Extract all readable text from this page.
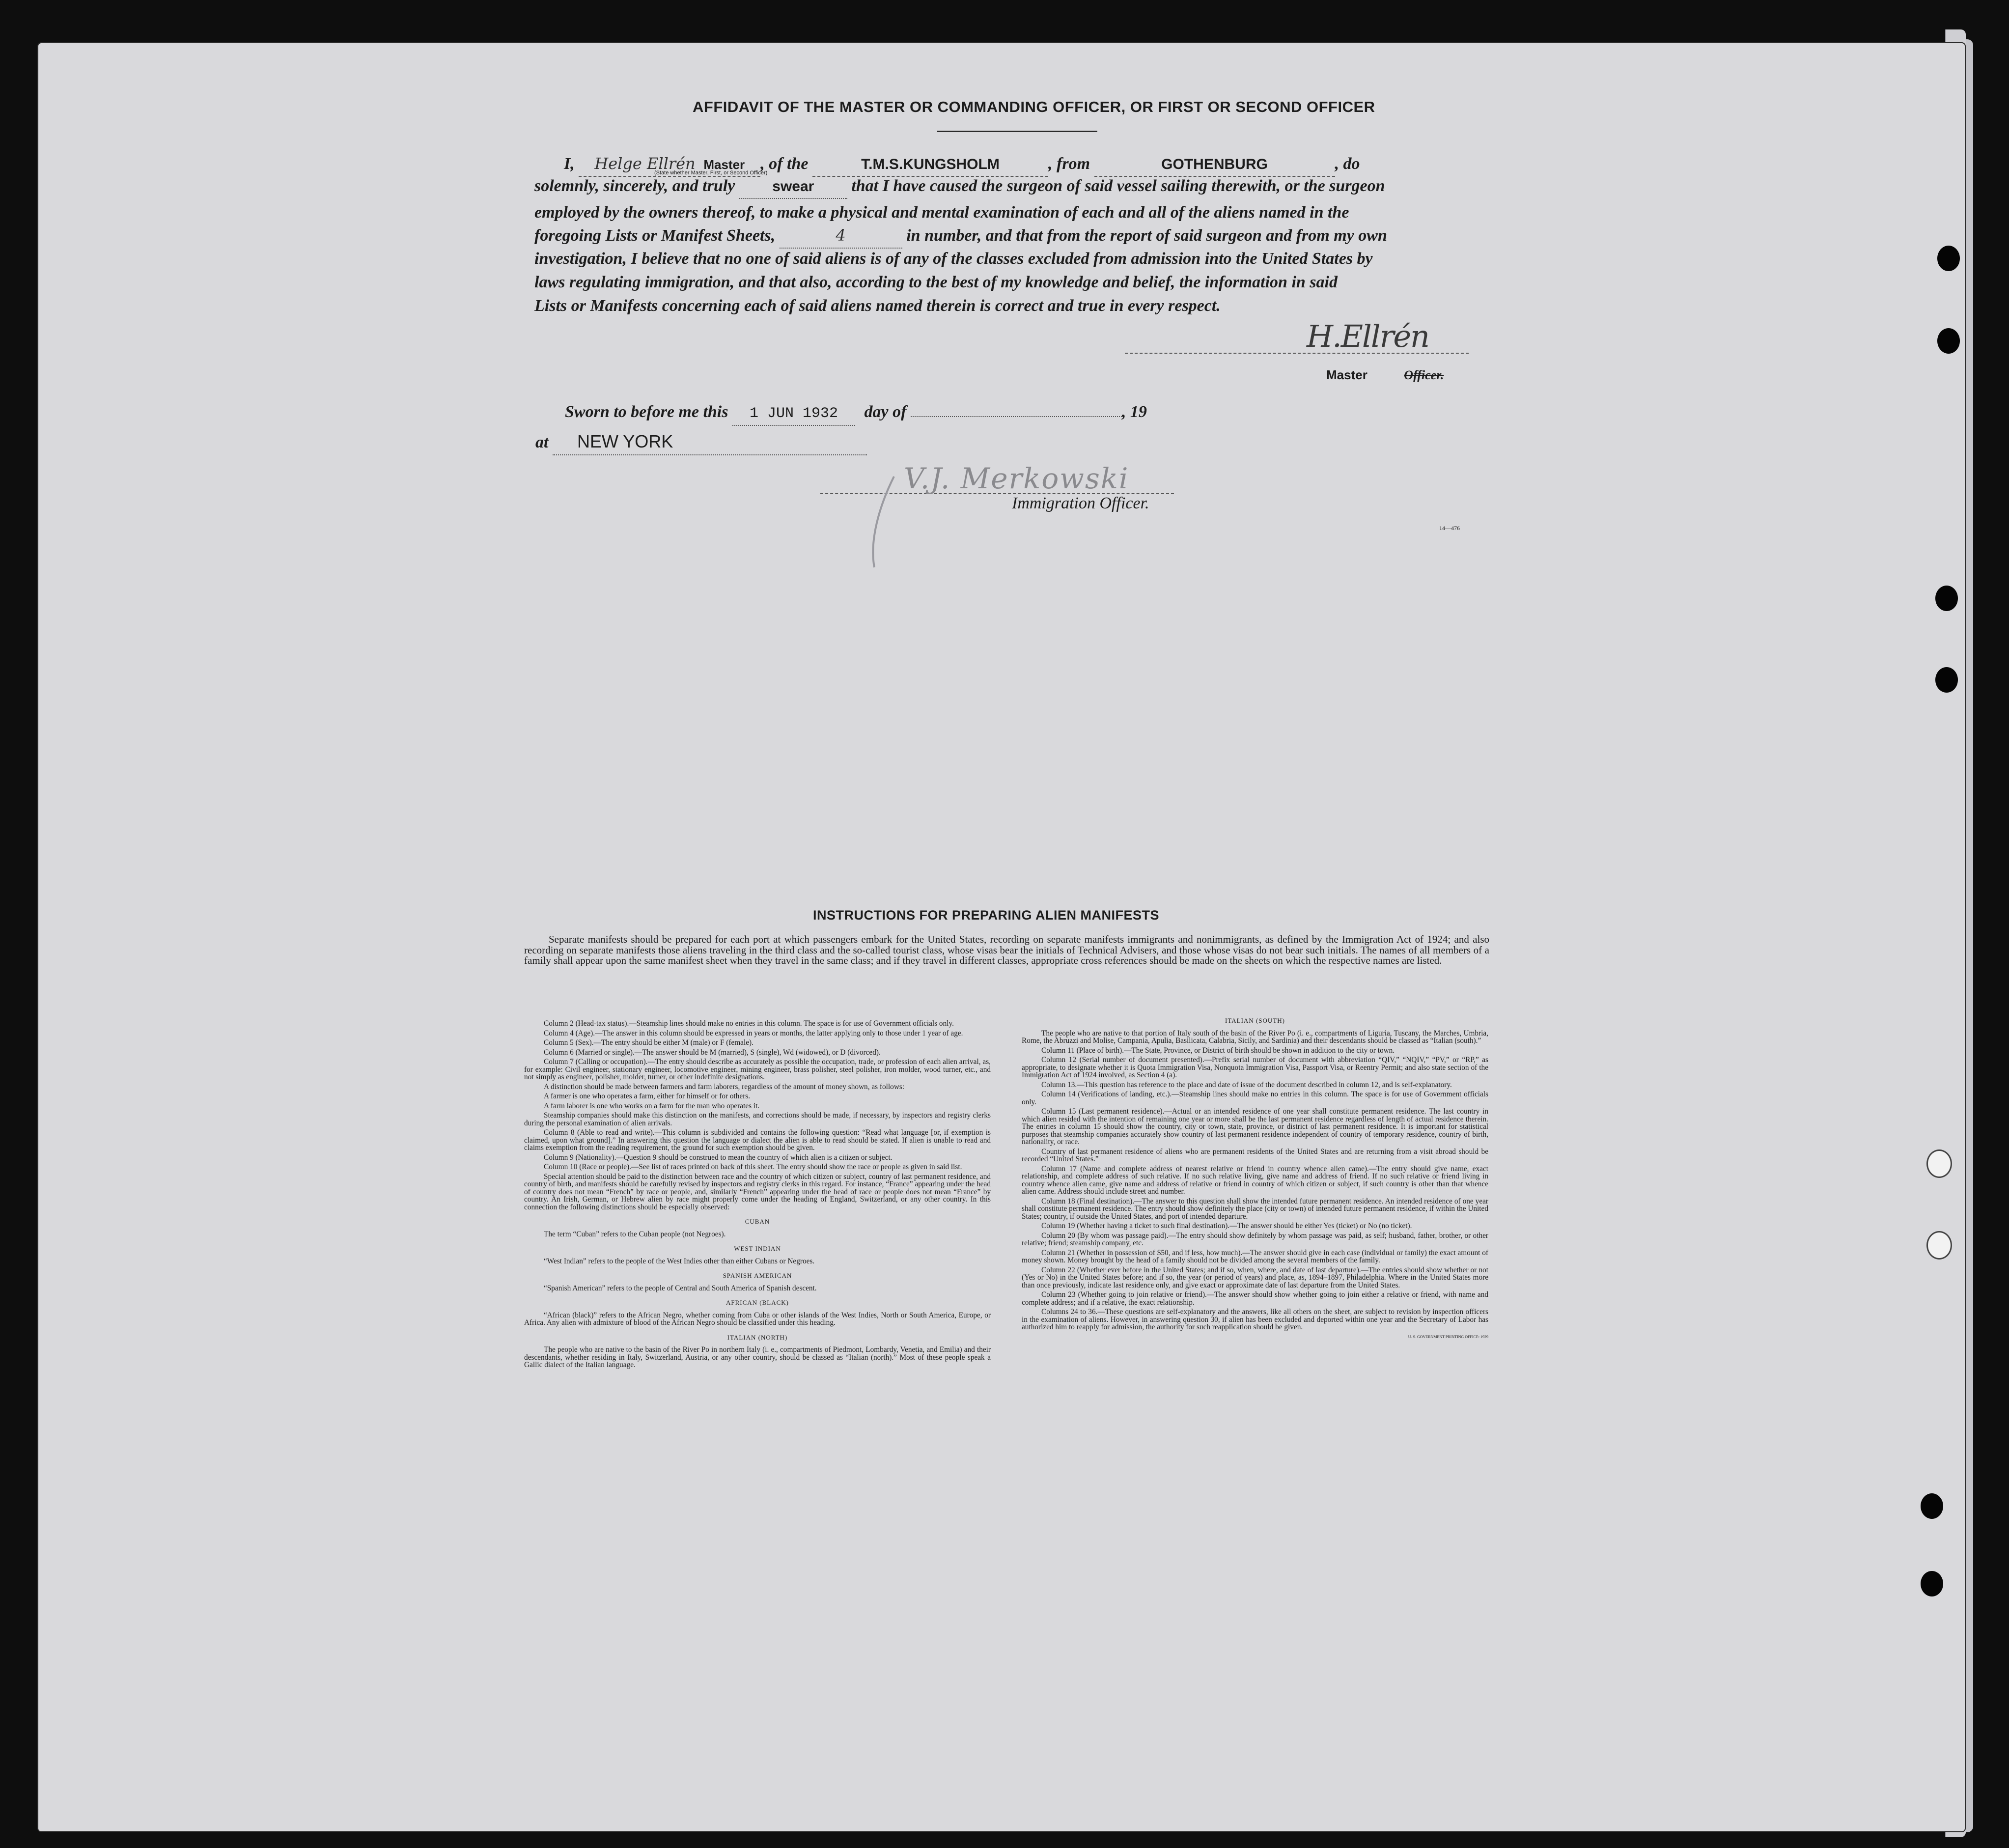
AFFIDAVIT OF THE MASTER OR COMMANDING OFFICER, OR FIRST OR SECOND OFFICER
I, Helge Ellrén Master , of the	T.M.S.KUNGSHOLM	, from	GOTHENBURG	, do
(State whether Master, First, or Second Officer)
solemnly, sincerely, and truly	swear that I have caused the surgeon of said vessel sailing therewith, or the surgeon
employed by the owners thereof, to make a physical and mental examination of each and all of the aliens named in the
foregoing Lists or Manifest Sheets,	4	in number, and that from the report of said surgeon and from my own
investigation, I believe that no one of said aliens is of any of the classes excluded from admission into the United States by
laws regulating immigration, and that also, according to the best of my knowledge and belief, the information in said
Lists or Manifests concerning each of said aliens named therein is correct and true in every respect.
H.Ellrén
Master	Officer.
Sworn to before me this 1 JUN 1932 day of	, 19
at NEW YORK
V.J. Merkowski
Immigration Officer.
14—476
INSTRUCTIONS FOR PREPARING ALIEN MANIFESTS
Separate manifests should be prepared for each port at which passengers embark for the United States, recording on separate manifests immigrants and nonimmigrants, as defined by the Immigration Act of 1924; and also recording on separate manifests those aliens traveling in the third class and the so-called tourist class, whose visas bear the initials of Technical Advisers, and those whose visas do not bear such initials. The names of all members of a family shall appear upon the same manifest sheet when they travel in the same class; and if they travel in different classes, appropriate cross references should be made on the sheets on which the respective names are listed.

Column 2 (Head-tax status).—Steamship lines should make no entries in this column. The space is for use of Government officials only.

Column 4 (Age).—The answer in this column should be expressed in years or months, the latter applying only to those under 1 year of age.

Column 5 (Sex).—The entry should be either M (male) or F (female).

Column 6 (Married or single).—The answer should be M (married), S (single), Wd (widowed), or D (divorced).

Column 7 (Calling or occupation).—The entry should describe as accurately as possible the occupation, trade, or profession of each alien arrival, as, for example: Civil engineer, stationary engineer, locomotive engineer, mining engineer, brass polisher, steel polisher, iron molder, wood turner, etc., and not simply as engineer, polisher, molder, turner, or other indefinite designations.

A distinction should be made between farmers and farm laborers, regardless of the amount of money shown, as follows:

A farmer is one who operates a farm, either for himself or for others.

A farm laborer is one who works on a farm for the man who operates it.

Steamship companies should make this distinction on the manifests, and corrections should be made, if necessary, by inspectors and registry clerks during the personal examination of alien arrivals.

Column 8 (Able to read and write).—This column is subdivided and contains the following question: “Read what language [or, if exemption is claimed, upon what ground].” In answering this question the language or dialect the alien is able to read should be stated. If alien is unable to read and claims exemption from the reading requirement, the ground for such exemption should be given.

Column 9 (Nationality).—Question 9 should be construed to mean the country of which alien is a citizen or subject.

Column 10 (Race or people).—See list of races printed on back of this sheet. The entry should show the race or people as given in said list.

Special attention should be paid to the distinction between race and the country of which citizen or subject, country of last permanent residence, and country of birth, and manifests should be carefully revised by inspectors and registry clerks in this regard. For instance, “France” appearing under the head of country does not mean “French” by race or people, and, similarly “French” appearing under the head of race or people does not mean “France” by country. An Irish, German, or Hebrew alien by race might properly come under the heading of England, Switzerland, or any other country. In this connection the following distinctions should be especially observed:

CUBAN

The term “Cuban” refers to the Cuban people (not Negroes).

WEST INDIAN

“West Indian” refers to the people of the West Indies other than either Cubans or Negroes.

SPANISH AMERICAN

“Spanish American” refers to the people of Central and South America of Spanish descent.

AFRICAN (BLACK)

“African (black)” refers to the African Negro, whether coming from Cuba or other islands of the West Indies, North or South America, Europe, or Africa. Any alien with admixture of blood of the African Negro should be classified under this heading.

ITALIAN (NORTH)

The people who are native to the basin of the River Po in northern Italy (i. e., compartments of Piedmont, Lombardy, Venetia, and Emilia) and their descendants, whether residing in Italy, Switzerland, Austria, or any other country, should be classed as “Italian (north).” Most of these people speak a Gallic dialect of the Italian language.

ITALIAN (SOUTH)

The people who are native to that portion of Italy south of the basin of the River Po (i. e., compartments of Liguria, Tuscany, the Marches, Umbria, Rome, the Abruzzi and Molise, Campania, Apulia, Basilicata, Calabria, Sicily, and Sardinia) and their descendants should be classed as “Italian (south).”

Column 11 (Place of birth).—The State, Province, or District of birth should be shown in addition to the city or town.

Column 12 (Serial number of document presented).—Prefix serial number of document with abbreviation “QIV,” “NQIV,” “PV,” or “RP,” as appropriate, to designate whether it is Quota Immigration Visa, Nonquota Immigration Visa, Passport Visa, or Reentry Permit; and also state section of the Immigration Act of 1924 involved, as Section 4 (a).

Column 13.—This question has reference to the place and date of issue of the document described in column 12, and is self-explanatory.

Column 14 (Verifications of landing, etc.).—Steamship lines should make no entries in this column. The space is for use of Government officials only.

Column 15 (Last permanent residence).—Actual or an intended residence of one year shall constitute permanent residence. The last country in which alien resided with the intention of remaining one year or more shall be the last permanent residence regardless of length of actual residence therein. The entries in column 15 should show the country, city or town, state, province, or district of last permanent residence. It is important for statistical purposes that steamship companies accurately show country of last permanent residence independent of country of temporary residence, country of birth, nationality, or race.

Country of last permanent residence of aliens who are permanent residents of the United States and are returning from a visit abroad should be recorded “United States.”

Column 17 (Name and complete address of nearest relative or friend in country whence alien came).—The entry should give name, exact relationship, and complete address of such relative. If no such relative living, give name and address of friend. If no such relative or friend living in country whence alien came, give name and address of relative or friend in country of which citizen or subject, if such country is other than that whence alien came. Address should include street and number.

Column 18 (Final destination).—The answer to this question shall show the intended future permanent residence. An intended residence of one year shall constitute permanent residence. The entry should show definitely the place (city or town) of intended future permanent residence, if within the United States; country, if outside the United States, and port of intended departure.

Column 19 (Whether having a ticket to such final destination).—The answer should be either Yes (ticket) or No (no ticket).

Column 20 (By whom was passage paid).—The entry should show definitely by whom passage was paid, as self; husband, father, brother, or other relative; friend; steamship company, etc.

Column 21 (Whether in possession of $50, and if less, how much).—The answer should give in each case (individual or family) the exact amount of money shown. Money brought by the head of a family should not be divided among the several members of the family.

Column 22 (Whether ever before in the United States; and if so, when, where, and date of last departure).—The entries should show whether or not (Yes or No) in the United States before; and if so, the year (or period of years) and place, as, 1894–1897, Philadelphia. Where in the United States more than once previously, indicate last residence only, and give exact or approximate date of last departure from the United States.

Column 23 (Whether going to join relative or friend).—The answer should show whether going to join either a relative or friend, with name and complete address; and if a relative, the exact relationship.

Columns 24 to 36.—These questions are self-explanatory and the answers, like all others on the sheet, are subject to revision by inspection officers in the examination of aliens. However, in answering question 30, if alien has been excluded and deported within one year and the Secretary of Labor has authorized him to reapply for admission, the authority for such reapplication should be given.

U. S. GOVERNMENT PRINTING OFFICE: 1929
